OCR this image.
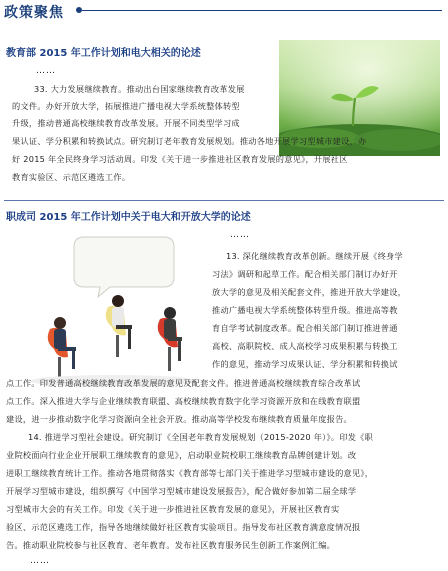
政策聚焦
教育部 2015 年工作计划和电大相关的论述
……
33. 大力发展继续教育。推动出台国家继续教育改革发展
的文件。办好开放大学，拓展推进广播电视大学系统整体转型
升级，推动普通高校继续教育改革发展。开展不同类型学习成
果认证、学分积累和转换试点。研究制订老年教育发展规划。推动各地开展学习型城市建设，办
好 2015 年全民终身学习活动周。印发《关于进一步推进社区教育发展的意见》，开展社区
教育实验区、示范区遴选工作。
职成司 2015 年工作计划中关于电大和开放大学的论述
……
13. 深化继续教育改革创新。继续开展《终身学
习法》调研和起草工作。配合相关部门制订办好开
放大学的意见及相关配套文件，推进开放大学建设，
推动广播电视大学系统整体转型升级。推进高等教
育自学考试制度改革。配合相关部门制订推进普通
高校、高职院校、成人高校学习成果积累与转换工
作的意见，推动学习成果认证、学分积累和转换试
点工作。印发普通高校继续教育改革发展的意见及配套文件。推进普通高校继续教育综合改革试
点工作。深入推进大学与企业继续教育联盟、高校继续教育数字化学习资源开放和在线教育联盟
建设，进一步推动数字化学习资源向全社会开放。推动高等学校发布继续教育质量年度报告。
14. 推进学习型社会建设。研究制订《全国老年教育发展规划（2015-2020 年）》。印发《职
业院校面向行业企业开展职工继续教育的意见》，启动职业院校职工继续教育品牌创建计划。改
进职工继续教育统计工作。推动各地贯彻落实《教育部等七部门关于推进学习型城市建设的意见》，
开展学习型城市建设，组织撰写《中国学习型城市建设发展报告》，配合做好参加第二届全球学
习型城市大会的有关工作。印发《关于进一步推进社区教育发展的意见》，开展社区教育实
验区、示范区遴选工作，指导各地继续做好社区教育实验项目。指导发布社区教育满意度情况报
告。推动职业院校参与社区教育、老年教育。发布社区教育服务民生创新工作案例汇编。
……
